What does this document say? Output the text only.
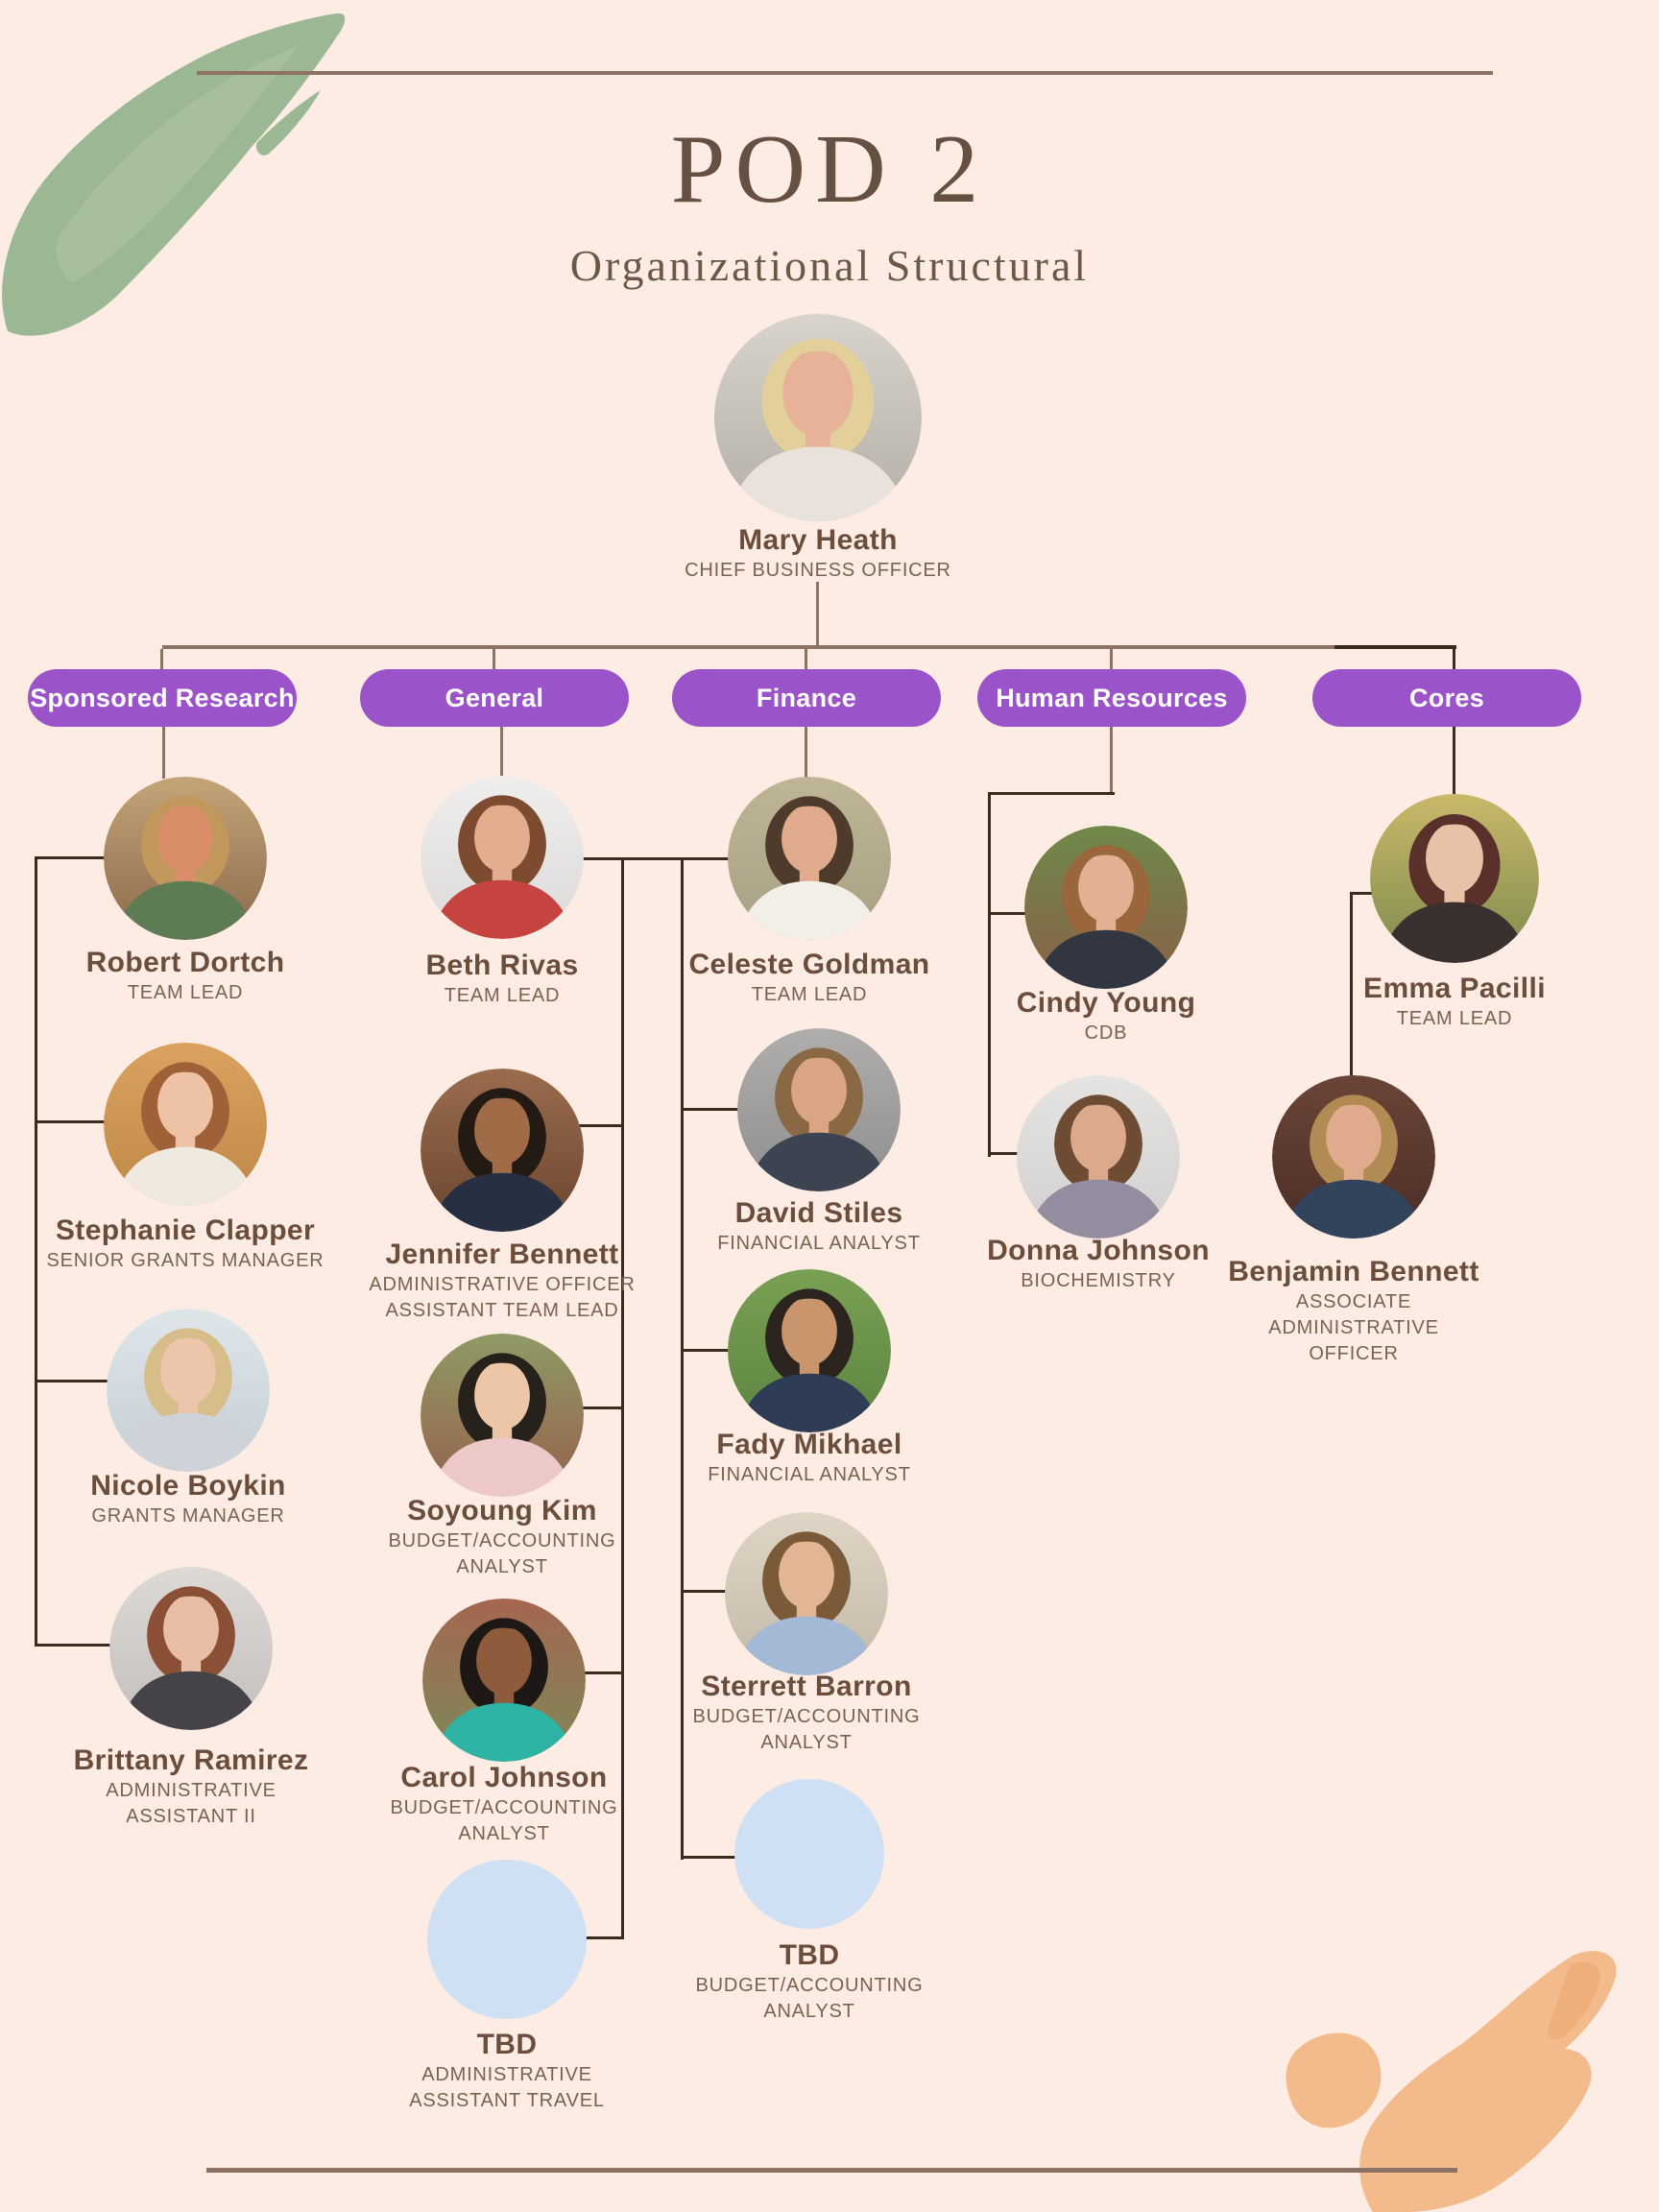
POD 2
Organizational Structural
Mary Heath
CHIEF BUSINESS OFFICER
Sponsored Research
Robert Dortch
TEAM LEAD
Stephanie Clapper
SENIOR GRANTS MANAGER
Nicole Boykin
GRANTS MANAGER
Brittany Ramirez
ADMINISTRATIVE
ASSISTANT II
General
Beth Rivas
TEAM LEAD
Jennifer Bennett
ADMINISTRATIVE OFFICER
ASSISTANT TEAM LEAD
Soyoung Kim
BUDGET/ACCOUNTING
ANALYST
Carol Johnson
BUDGET/ACCOUNTING
ANALYST
TBD
ADMINISTRATIVE
ASSISTANT TRAVEL
Finance
Celeste Goldman
TEAM LEAD
David Stiles
FINANCIAL ANALYST
Fady Mikhael
FINANCIAL ANALYST
Sterrett Barron
BUDGET/ACCOUNTING
ANALYST
TBD
BUDGET/ACCOUNTING
ANALYST
Human Resources
Cindy Young
CDB
Donna Johnson
BIOCHEMISTRY
Cores
Emma Pacilli
TEAM LEAD
Benjamin Bennett
ASSOCIATE
ADMINISTRATIVE
OFFICER
